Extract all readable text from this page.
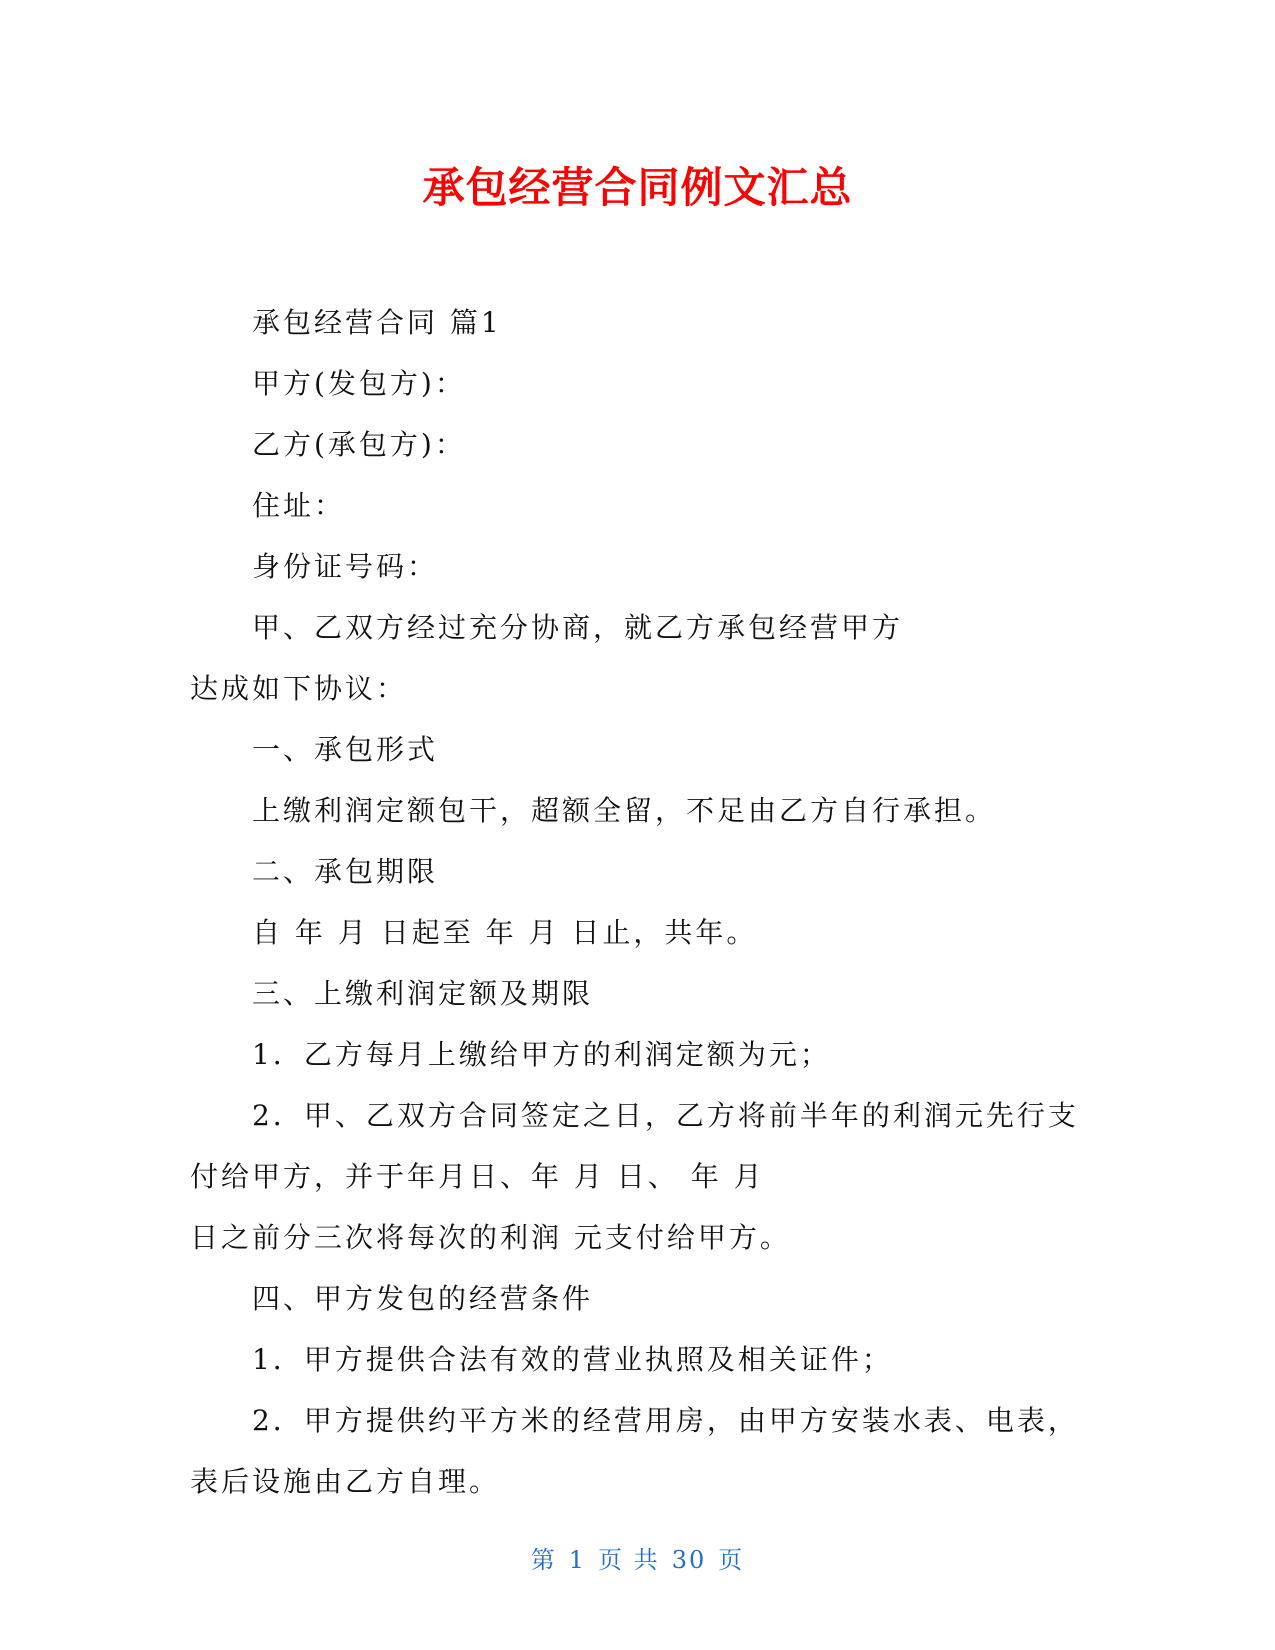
承包经营合同例文汇总
承包经营合同 篇1
甲方(发包方)：
乙方(承包方)：
住址：
身份证号码：
甲、乙双方经过充分协商，就乙方承包经营甲方
达成如下协议：
一、承包形式
上缴利润定额包干，超额全留，不足由乙方自行承担。
二、承包期限
自 年 月 日起至 年 月 日止，共年。
三、上缴利润定额及期限
1．乙方每月上缴给甲方的利润定额为元；
2．甲、乙双方合同签定之日，乙方将前半年的利润元先行支
付给甲方，并于年月日、年 月 日、 年 月
日之前分三次将每次的利润 元支付给甲方。
四、甲方发包的经营条件
1．甲方提供合法有效的营业执照及相关证件；
2．甲方提供约平方米的经营用房，由甲方安装水表、电表，
表后设施由乙方自理。
第 1 页 共 30 页
